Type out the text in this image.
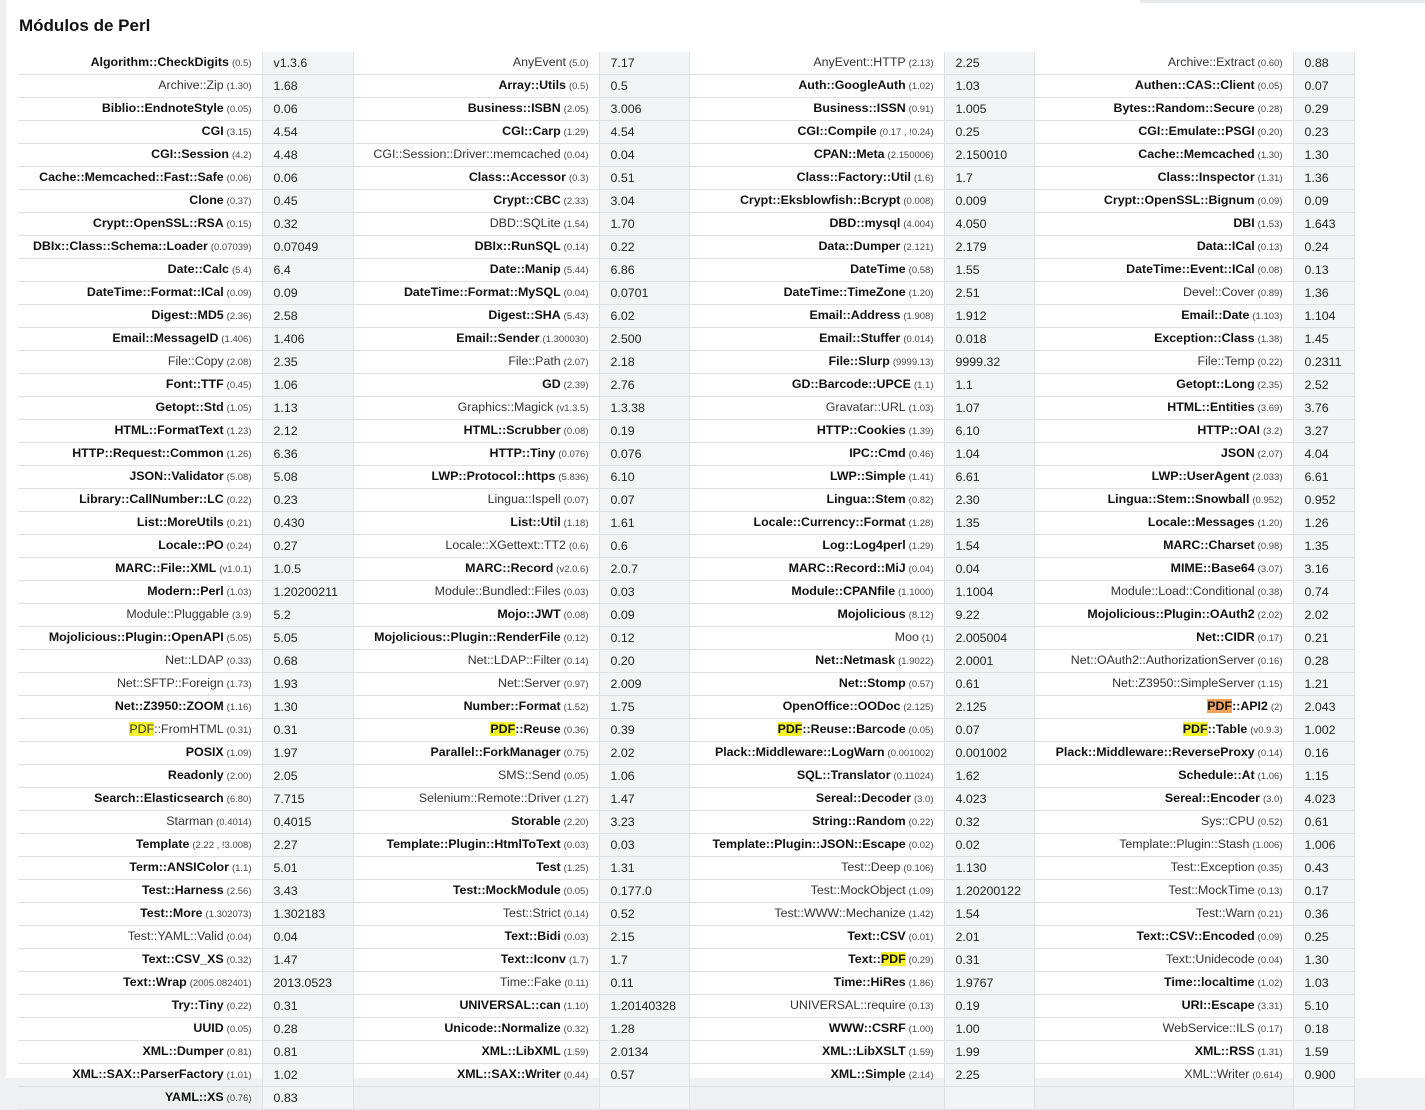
Módulos de Perl
Algorithm::CheckDigits (0.5)	v1.3.6	AnyEvent (5.0)	7.17	AnyEvent::HTTP (2.13)	2.25	Archive::Extract (0.60)	0.88
Archive::Zip (1.30)	1.68	Array::Utils (0.5)	0.5	Auth::GoogleAuth (1.02)	1.03	Authen::CAS::Client (0.05)	0.07
Biblio::EndnoteStyle (0.05)	0.06	Business::ISBN (2.05)	3.006	Business::ISSN (0.91)	1.005	Bytes::Random::Secure (0.28)	0.29
CGI (3.15)	4.54	CGI::Carp (1.29)	4.54	CGI::Compile (0.17 , !0.24)	0.25	CGI::Emulate::PSGI (0.20)	0.23
CGI::Session (4.2)	4.48	CGI::Session::Driver::memcached (0.04)	0.04	CPAN::Meta (2.150006)	2.150010	Cache::Memcached (1.30)	1.30
Cache::Memcached::Fast::Safe (0.06)	0.06	Class::Accessor (0.3)	0.51	Class::Factory::Util (1.6)	1.7	Class::Inspector (1.31)	1.36
Clone (0.37)	0.45	Crypt::CBC (2.33)	3.04	Crypt::Eksblowfish::Bcrypt (0.008)	0.009	Crypt::OpenSSL::Bignum (0.09)	0.09
Crypt::OpenSSL::RSA (0.15)	0.32	DBD::SQLite (1.54)	1.70	DBD::mysql (4.004)	4.050	DBI (1.53)	1.643
DBIx::Class::Schema::Loader (0.07039)	0.07049	DBIx::RunSQL (0.14)	0.22	Data::Dumper (2.121)	2.179	Data::ICal (0.13)	0.24
Date::Calc (5.4)	6.4	Date::Manip (5.44)	6.86	DateTime (0.58)	1.55	DateTime::Event::ICal (0.08)	0.13
DateTime::Format::ICal (0.09)	0.09	DateTime::Format::MySQL (0.04)	0.0701	DateTime::TimeZone (1.20)	2.51	Devel::Cover (0.89)	1.36
Digest::MD5 (2.36)	2.58	Digest::SHA (5.43)	6.02	Email::Address (1.908)	1.912	Email::Date (1.103)	1.104
Email::MessageID (1.406)	1.406	Email::Sender (1.300030)	2.500	Email::Stuffer (0.014)	0.018	Exception::Class (1.38)	1.45
File::Copy (2.08)	2.35	File::Path (2.07)	2.18	File::Slurp (9999.13)	9999.32	File::Temp (0.22)	0.2311
Font::TTF (0.45)	1.06	GD (2.39)	2.76	GD::Barcode::UPCE (1.1)	1.1	Getopt::Long (2.35)	2.52
Getopt::Std (1.05)	1.13	Graphics::Magick (v1.3.5)	1.3.38	Gravatar::URL (1.03)	1.07	HTML::Entities (3.69)	3.76
HTML::FormatText (1.23)	2.12	HTML::Scrubber (0.08)	0.19	HTTP::Cookies (1.39)	6.10	HTTP::OAI (3.2)	3.27
HTTP::Request::Common (1.26)	6.36	HTTP::Tiny (0.076)	0.076	IPC::Cmd (0.46)	1.04	JSON (2.07)	4.04
JSON::Validator (5.08)	5.08	LWP::Protocol::https (5.836)	6.10	LWP::Simple (1.41)	6.61	LWP::UserAgent (2.033)	6.61
Library::CallNumber::LC (0.22)	0.23	Lingua::Ispell (0.07)	0.07	Lingua::Stem (0.82)	2.30	Lingua::Stem::Snowball (0.952)	0.952
List::MoreUtils (0.21)	0.430	List::Util (1.18)	1.61	Locale::Currency::Format (1.28)	1.35	Locale::Messages (1.20)	1.26
Locale::PO (0.24)	0.27	Locale::XGettext::TT2 (0.6)	0.6	Log::Log4perl (1.29)	1.54	MARC::Charset (0.98)	1.35
MARC::File::XML (v1.0.1)	1.0.5	MARC::Record (v2.0.6)	2.0.7	MARC::Record::MiJ (0.04)	0.04	MIME::Base64 (3.07)	3.16
Modern::Perl (1.03)	1.20200211	Module::Bundled::Files (0.03)	0.03	Module::CPANfile (1.1000)	1.1004	Module::Load::Conditional (0.38)	0.74
Module::Pluggable (3.9)	5.2	Mojo::JWT (0.08)	0.09	Mojolicious (8.12)	9.22	Mojolicious::Plugin::OAuth2 (2.02)	2.02
Mojolicious::Plugin::OpenAPI (5.05)	5.05	Mojolicious::Plugin::RenderFile (0.12)	0.12	Moo (1)	2.005004	Net::CIDR (0.17)	0.21
Net::LDAP (0.33)	0.68	Net::LDAP::Filter (0.14)	0.20	Net::Netmask (1.9022)	2.0001	Net::OAuth2::AuthorizationServer (0.16)	0.28
Net::SFTP::Foreign (1.73)	1.93	Net::Server (0.97)	2.009	Net::Stomp (0.57)	0.61	Net::Z3950::SimpleServer (1.15)	1.21
Net::Z3950::ZOOM (1.16)	1.30	Number::Format (1.52)	1.75	OpenOffice::OODoc (2.125)	2.125	PDF::API2 (2)	2.043
PDF::FromHTML (0.31)	0.31	PDF::Reuse (0.36)	0.39	PDF::Reuse::Barcode (0.05)	0.07	PDF::Table (v0.9.3)	1.002
POSIX (1.09)	1.97	Parallel::ForkManager (0.75)	2.02	Plack::Middleware::LogWarn (0.001002)	0.001002	Plack::Middleware::ReverseProxy (0.14)	0.16
Readonly (2.00)	2.05	SMS::Send (0.05)	1.06	SQL::Translator (0.11024)	1.62	Schedule::At (1.06)	1.15
Search::Elasticsearch (6.80)	7.715	Selenium::Remote::Driver (1.27)	1.47	Sereal::Decoder (3.0)	4.023	Sereal::Encoder (3.0)	4.023
Starman (0.4014)	0.4015	Storable (2.20)	3.23	String::Random (0.22)	0.32	Sys::CPU (0.52)	0.61
Template (2.22 , !3.008)	2.27	Template::Plugin::HtmlToText (0.03)	0.03	Template::Plugin::JSON::Escape (0.02)	0.02	Template::Plugin::Stash (1.006)	1.006
Term::ANSIColor (1.1)	5.01	Test (1.25)	1.31	Test::Deep (0.106)	1.130	Test::Exception (0.35)	0.43
Test::Harness (2.56)	3.43	Test::MockModule (0.05)	0.177.0	Test::MockObject (1.09)	1.20200122	Test::MockTime (0.13)	0.17
Test::More (1.302073)	1.302183	Test::Strict (0.14)	0.52	Test::WWW::Mechanize (1.42)	1.54	Test::Warn (0.21)	0.36
Test::YAML::Valid (0.04)	0.04	Text::Bidi (0.03)	2.15	Text::CSV (0.01)	2.01	Text::CSV::Encoded (0.09)	0.25
Text::CSV_XS (0.32)	1.47	Text::Iconv (1.7)	1.7	Text::PDF (0.29)	0.31	Text::Unidecode (0.04)	1.30
Text::Wrap (2005.082401)	2013.0523	Time::Fake (0.11)	0.11	Time::HiRes (1.86)	1.9767	Time::localtime (1.02)	1.03
Try::Tiny (0.22)	0.31	UNIVERSAL::can (1.10)	1.20140328	UNIVERSAL::require (0.13)	0.19	URI::Escape (3.31)	5.10
UUID (0.05)	0.28	Unicode::Normalize (0.32)	1.28	WWW::CSRF (1.00)	1.00	WebService::ILS (0.17)	0.18
XML::Dumper (0.81)	0.81	XML::LibXML (1.59)	2.0134	XML::LibXSLT (1.59)	1.99	XML::RSS (1.31)	1.59
XML::SAX::ParserFactory (1.01)	1.02	XML::SAX::Writer (0.44)	0.57	XML::Simple (2.14)	2.25	XML::Writer (0.614)	0.900
YAML::XS (0.76)	0.83						
